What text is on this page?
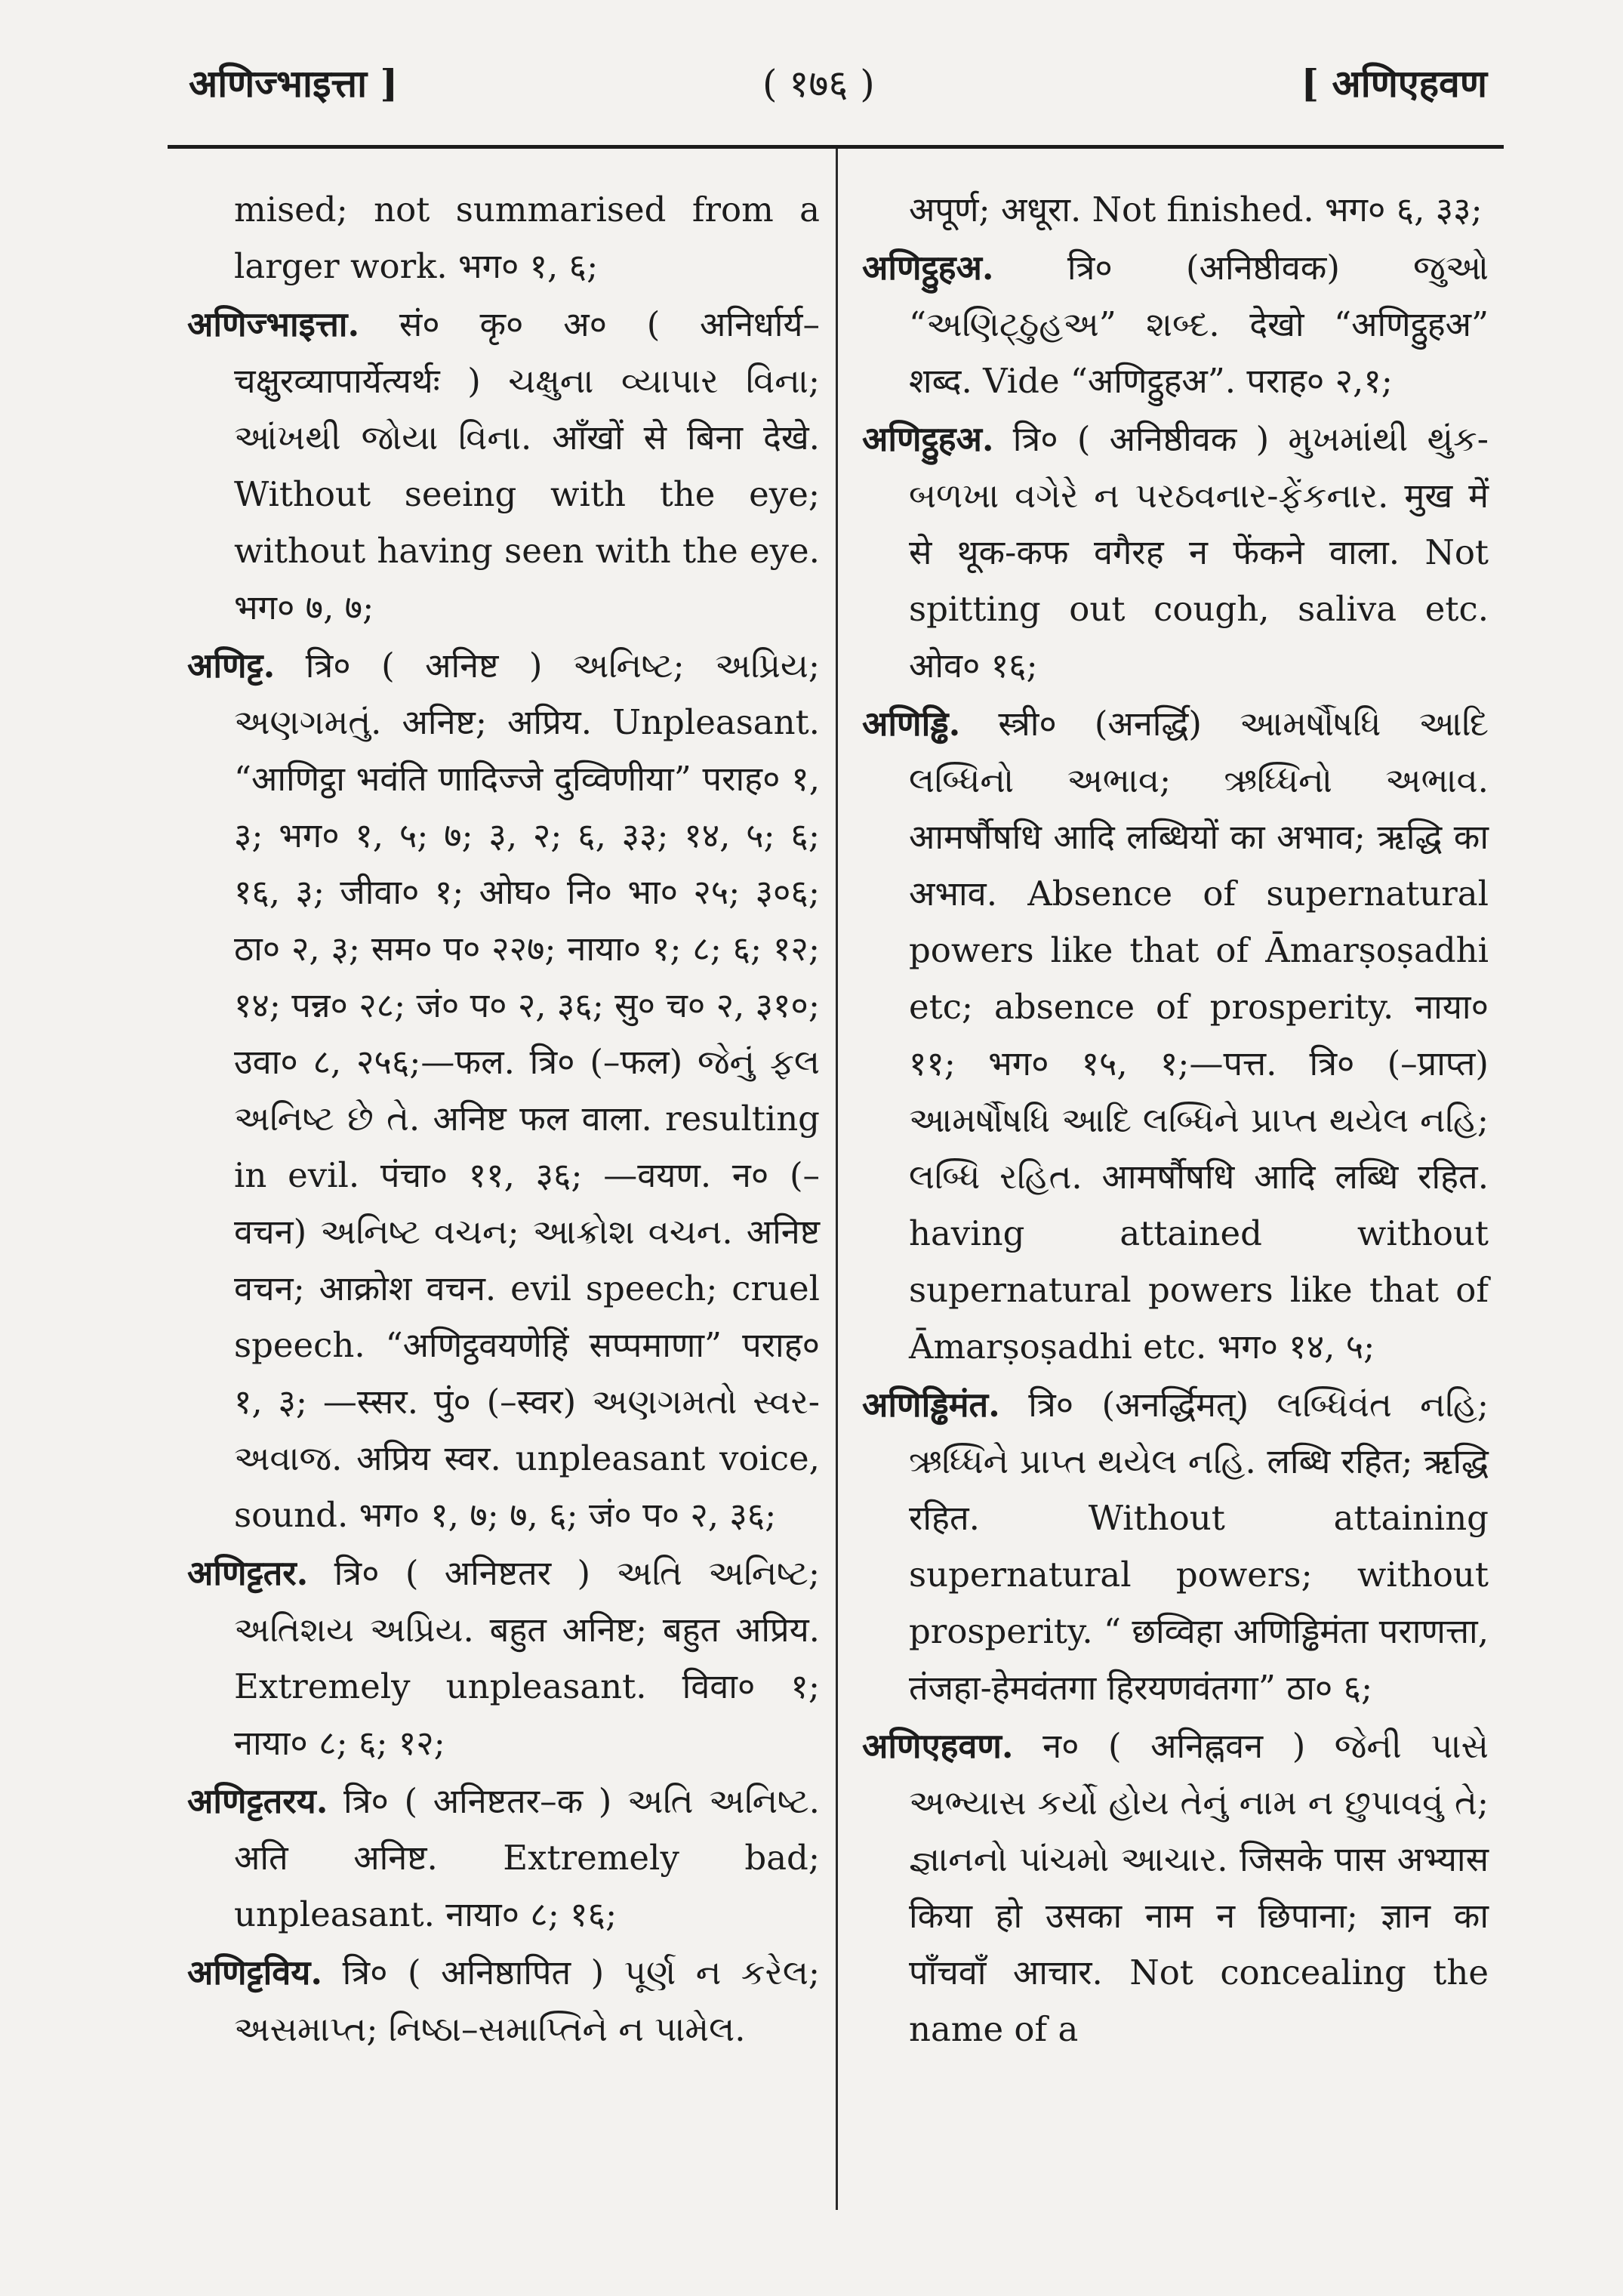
अणिज्भाइत्ता ]	( १७६ )	[ अणिएहवण

mised; not summarised from a larger work. भग० १, ६;

अणिज्भाइत्ता. सं० कृ० अ० ( अनिर्धार्य–चक्षुरव्यापार्येत्यर्थः ) ચક્ષુના વ્યાપાર વિના; આંખથી જોયા વિના. आँखों से बिना देखे. Without seeing with the eye; without having seen with the eye. भग० ७, ७;

अणिट्ट. त्रि० ( अनिष्ट ) અનિષ્ટ; અપ્રિય; અણગમતું. अनिष्ट; अप्रिय. Unpleasant. “आणिट्ठा भवंति णादिज्जे दुव्विणीया” पराह० १, ३; भग० १, ५; ७; ३, २; ६, ३३; १४, ५; ६; १६, ३; जीवा० १; ओघ० नि० भा० २५; ३०६; ठा० २, ३; सम० प० २२७; नाया० १; ८; ६; १२; १४; पन्न० २८; जं० प० २, ३६; सु० च० २, ३१०; उवा० ८, २५६;—फल. त्रि० (–फल) જેનું ફલ અનિષ્ટ છે તે. अनिष्ट फल वाला. resulting in evil. पंचा० ११, ३६; —वयण. न० (–वचन) અનિષ્ટ વચન; આક્રોશ વચન. अनिष्ट वचन; आक्रोश वचन. evil speech; cruel speech. “अणिट्ठवयणेहिं सप्पमाणा” पराह० १, ३; —स्सर. पुं० (–स्वर) અણગમતો સ્વર-અવાજ. अप्रिय स्वर. unpleasant voice, sound. भग० १, ७; ७, ६; जं० प० २, ३६;

अणिट्टतर. त्रि० ( अनिष्टतर ) અતિ અનિષ્ટ; અતિશય અપ્રિય. बहुत अनिष्ट; बहुत अप्रिय. Extremely unpleasant. विवा० १; नाया० ८; ६; १२;

अणिट्टतरय. त्रि० ( अनिष्टतर–क ) અતિ અનિષ્ટ. अति अनिष्ट. Extremely bad; unpleasant. नाया० ८; १६;

अणिट्टविय. त्रि० ( अनिष्ठापित ) પૂર્ણ ન કરેલ; અસમાપ્ત; નિષ્ઠા–સમાપ્તિને ન પામેલ.

अपूर्ण; अधूरा. Not finished. भग० ६, ३३;

अणिट्ठुहअ. त्रि० (अनिष्ठीवक) જુઓ “અણિટ્ઠુહઅ” શબ્દ. देखो “अणिट्ठुहअ” शब्द. Vide “अणिट्ठुहअ”. पराह० २,१;

अणिट्ठुहअ. त्रि० ( अनिष्ठीवक ) મુખમાંથી થુંક-બળખા વગેરે ન પરઠવનાર-ફેંકનાર. मुख में से थूक-कफ वगैरह न फेंकने वाला. Not spitting out cough, saliva etc. ओव० १६;

अणिड्ढि. स्त्री० (अनर्द्धि) આમર્ષૌષધિ આદિ લબ્ધિનો અભાવ; ઋધ્ધિનો અભાવ. आमर्षौषधि आदि लब्धियों का अभाव; ऋद्धि का अभाव. Absence of supernatural powers like that of Āmarṣoṣadhi etc; absence of prosperity. नाया० ११; भग० १५, १;—पत्त. त्रि० (–प्राप्त) આમર્ષૌષધિ આદિ લબ્ધિને પ્રાપ્ત થયેલ નહિ; લબ્ધિ રહિત. आमर्षौषधि आदि लब्धि रहित. having attained without supernatural powers like that of Āmarṣoṣadhi etc. भग० १४, ५;

अणिड्ढिमंत. त्रि० (अनर्द्धिमत्) લબ્ધિવંત નહિ; ઋધ્ધિને પ્રાપ્ત થયેલ નહિ. लब्धि रहित; ऋद्धि रहित. Without attaining supernatural powers; without prosperity. “ छव्विहा अणिड्ढिमंता पराणत्ता, तंजहा-हेमवंतगा हिरयणवंतगा” ठा० ६;

अणिएहवण. न० ( अनिह्नवन ) જેની પાસે અભ્યાસ કર્યો હોય તેનું નામ ન છુપાવવું તે; જ્ઞાનનો પાંચમો આચાર. जिसके पास अभ्यास किया हो उसका नाम न छिपाना; ज्ञान का पाँचवाँ आचार. Not concealing the name of a
